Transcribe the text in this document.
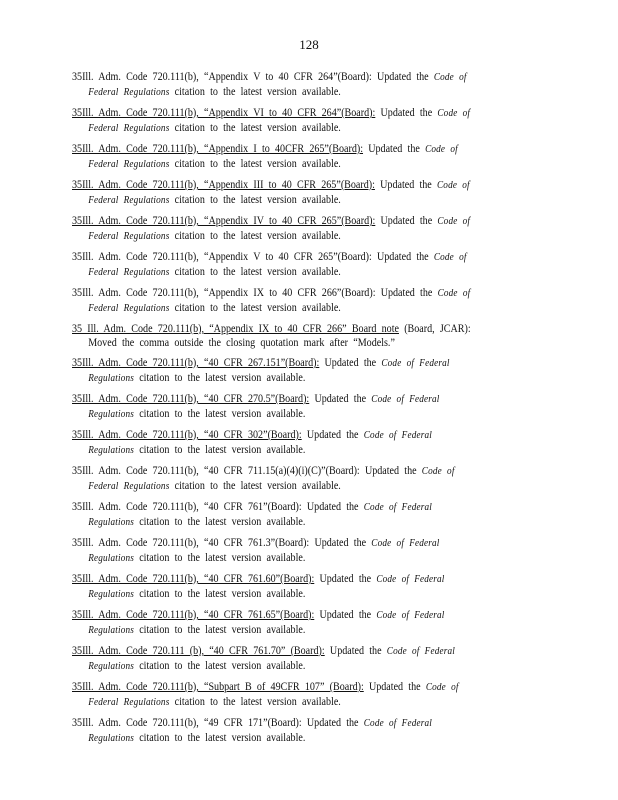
128
35Ill. Adm. Code 720.111(b), “Appendix V to 40 CFR 264”(Board): Updated the Code of
Federal Regulations citation to the latest version available.
35Ill. Adm. Code 720.111(b), “Appendix VI to 40 CFR 264”(Board): Updated the Code of
Federal Regulations citation to the latest version available.
35Ill. Adm. Code 720.111(b), “Appendix I to 40CFR 265”(Board): Updated the Code of
Federal Regulations citation to the latest version available.
35Ill. Adm. Code 720.111(b), “Appendix III to 40 CFR 265”(Board): Updated the Code of
Federal Regulations citation to the latest version available.
35Ill. Adm. Code 720.111(b), “Appendix IV to 40 CFR 265”(Board): Updated the Code of
Federal Regulations citation to the latest version available.
35Ill. Adm. Code 720.111(b), “Appendix V to 40 CFR 265”(Board): Updated the Code of
Federal Regulations citation to the latest version available.
35Ill. Adm. Code 720.111(b), “Appendix IX to 40 CFR 266”(Board): Updated the Code of
Federal Regulations citation to the latest version available.
35 Ill. Adm. Code 720.111(b), “Appendix IX to 40 CFR 266” Board note (Board, JCAR):
Moved the comma outside the closing quotation mark after “Models.”
35Ill. Adm. Code 720.111(b), “40 CFR 267.151”(Board): Updated the Code of Federal
Regulations citation to the latest version available.
35Ill. Adm. Code 720.111(b), “40 CFR 270.5”(Board): Updated the Code of Federal
Regulations citation to the latest version available.
35Ill. Adm. Code 720.111(b), “40 CFR 302”(Board): Updated the Code of Federal
Regulations citation to the latest version available.
35Ill. Adm. Code 720.111(b), “40 CFR 711.15(a)(4)(i)(C)”(Board): Updated the Code of
Federal Regulations citation to the latest version available.
35Ill. Adm. Code 720.111(b), “40 CFR 761”(Board): Updated the Code of Federal
Regulations citation to the latest version available.
35Ill. Adm. Code 720.111(b), “40 CFR 761.3”(Board): Updated the Code of Federal
Regulations citation to the latest version available.
35Ill. Adm. Code 720.111(b), “40 CFR 761.60”(Board): Updated the Code of Federal
Regulations citation to the latest version available.
35Ill. Adm. Code 720.111(b), “40 CFR 761.65”(Board): Updated the Code of Federal
Regulations citation to the latest version available.
35Ill. Adm. Code 720.111 (b), “40 CFR 761.70” (Board): Updated the Code of Federal
Regulations citation to the latest version available.
35Ill. Adm. Code 720.111(b), “Subpart B of 49CFR 107” (Board): Updated the Code of
Federal Regulations citation to the latest version available.
35Ill. Adm. Code 720.111(b), “49 CFR 171”(Board): Updated the Code of Federal
Regulations citation to the latest version available.
